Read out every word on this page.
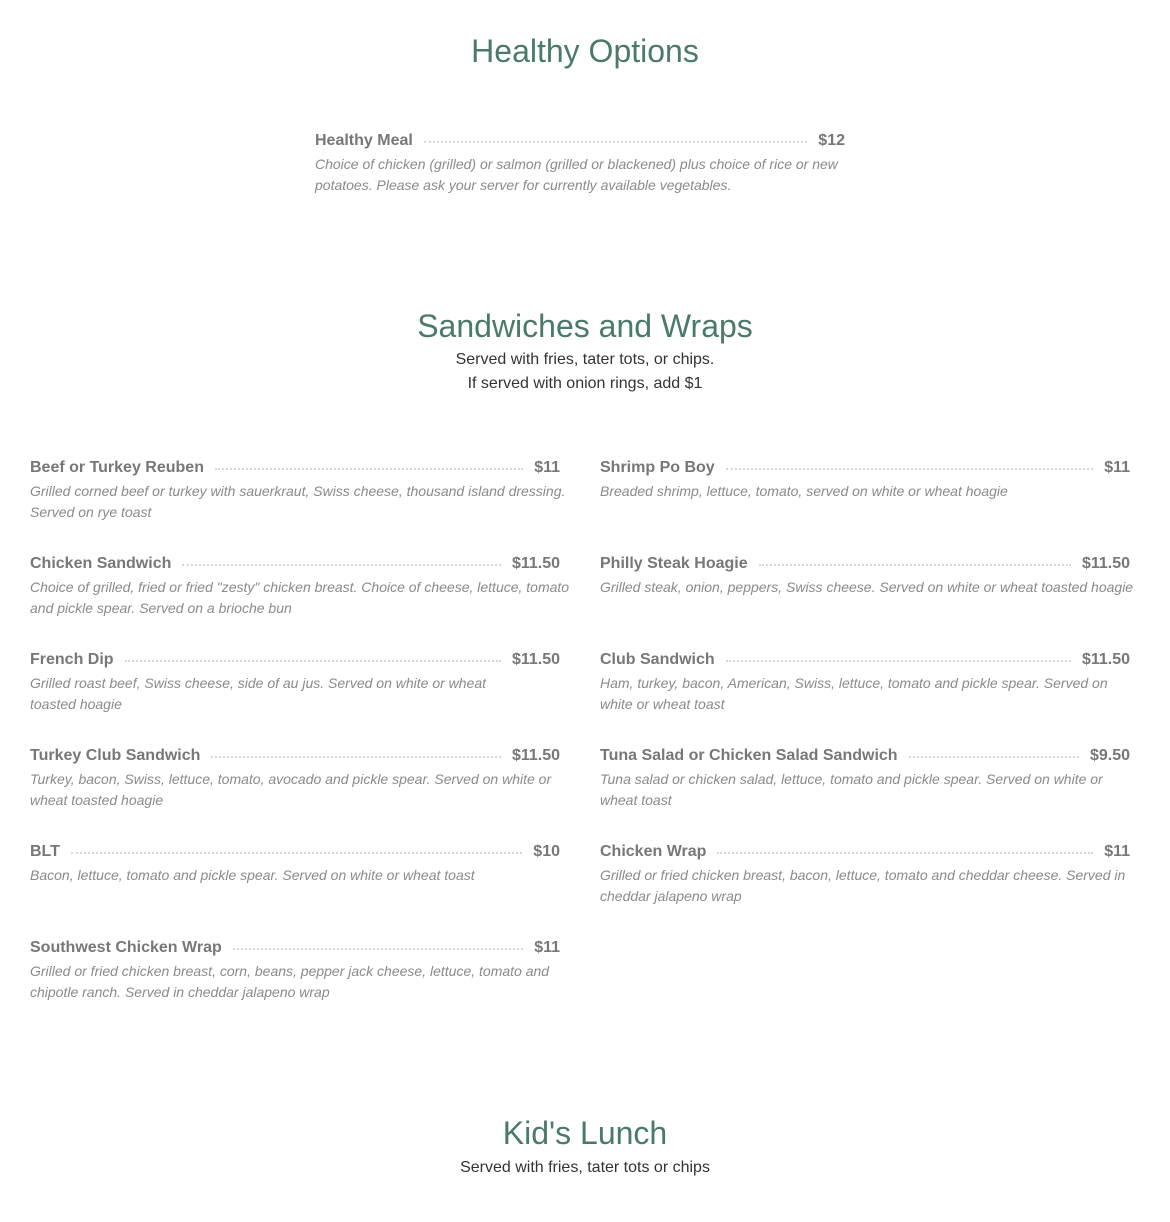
Healthy Options
Healthy Meal	$12
Choice of chicken (grilled) or salmon (grilled or blackened) plus choice of rice or new potatoes. Please ask your server for currently available vegetables.
Sandwiches and Wraps
Served with fries, tater tots, or chips.
If served with onion rings, add $1
Beef or Turkey Reuben	$11
Grilled corned beef or turkey with sauerkraut, Swiss cheese, thousand island dressing. Served on rye toast
Chicken Sandwich	$11.50
Choice of grilled, fried or fried "zesty" chicken breast. Choice of cheese, lettuce, tomato and pickle spear. Served on a brioche bun
French Dip	$11.50
Grilled roast beef, Swiss cheese, side of au jus. Served on white or wheat toasted hoagie
Turkey Club Sandwich	$11.50
Turkey, bacon, Swiss, lettuce, tomato, avocado and pickle spear. Served on white or wheat toasted hoagie
BLT	$10
Bacon, lettuce, tomato and pickle spear. Served on white or wheat toast
Southwest Chicken Wrap	$11
Grilled or fried chicken breast, corn, beans, pepper jack cheese, lettuce, tomato and chipotle ranch. Served in cheddar jalapeno wrap
Shrimp Po Boy	$11
Breaded shrimp, lettuce, tomato, served on white or wheat hoagie
Philly Steak Hoagie	$11.50
Grilled steak, onion, peppers, Swiss cheese. Served on white or wheat toasted hoagie
Club Sandwich	$11.50
Ham, turkey, bacon, American, Swiss, lettuce, tomato and pickle spear. Served on white or wheat toast
Tuna Salad or Chicken Salad Sandwich	$9.50
Tuna salad or chicken salad, lettuce, tomato and pickle spear. Served on white or wheat toast
Chicken Wrap	$11
Grilled or fried chicken breast, bacon, lettuce, tomato and cheddar cheese. Served in cheddar jalapeno wrap
Kid's Lunch
Served with fries, tater tots or chips
